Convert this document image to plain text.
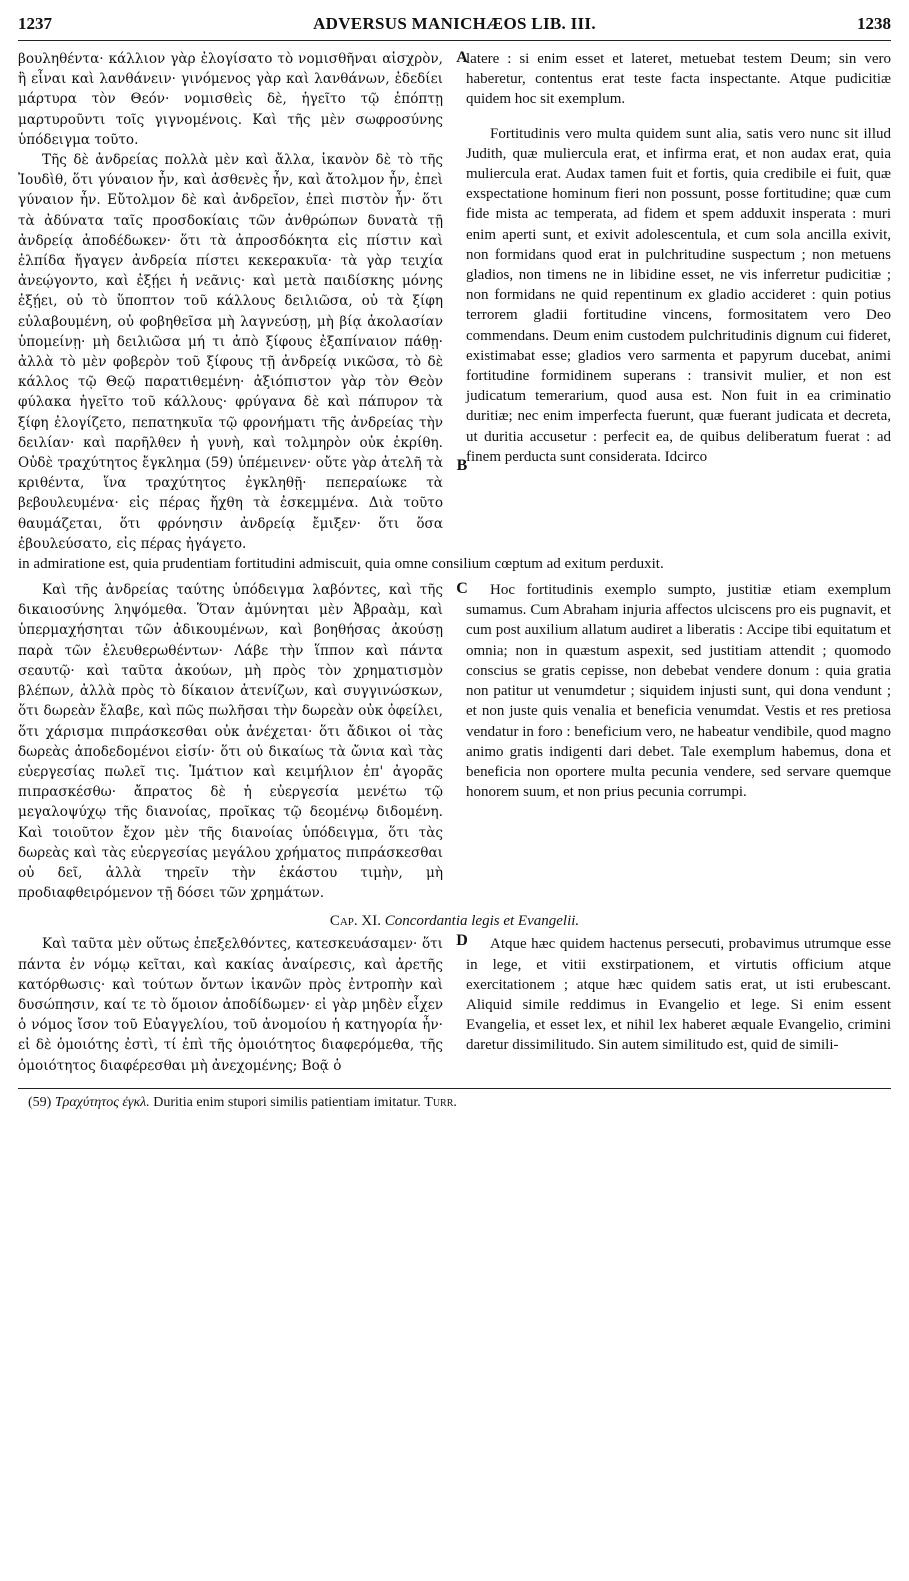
1237	ADVERSUS MANICHÆOS LIB. III.	1238
A
B

βουληθέντα· κάλλιον γὰρ ἐλογίσατο τὸ νομισθῆναι αἰσχρὸν, ἢ εἶναι καὶ λανθάνειν· γινόμενος γὰρ καὶ λανθάνων, ἐδεδίει μάρτυρα τὸν Θεόν· νομισθεὶς δὲ, ἡγεῖτο τῷ ἐπόπτῃ μαρτυροῦντι τοῖς γιγνομένοις. Καὶ τῆς μὲν σωφροσύνης ὑπόδειγμα τοῦτο.

Τῆς δὲ ἀνδρείας πολλὰ μὲν καὶ ἄλλα, ἱκανὸν δὲ τὸ τῆς Ἰουδὶθ, ὅτι γύναιον ἦν, καὶ ἀσθενὲς ἦν, καὶ ἄτολμον ἦν, ἐπεὶ γύναιον ἦν. Εὔτολμον δὲ καὶ ἀνδρεῖον, ἐπεὶ πιστὸν ἦν· ὅτι τὰ ἀδύνατα ταῖς προσδοκίαις τῶν ἀνθρώπων δυνατὰ τῇ ἀνδρείᾳ ἀποδέδωκεν· ὅτι τὰ ἀπροσδόκητα εἰς πίστιν καὶ ἐλπίδα ἤγαγεν ἀνδρεία πίστει κεκερακυῖα· τὰ γὰρ τειχία ἀνεῴγοντο, καὶ ἐξῄει ἡ νεᾶνις· καὶ μετὰ παιδίσκης μόνης ἐξῄει, οὐ τὸ ὕποπτον τοῦ κάλλους δειλιῶσα, οὐ τὰ ξίφη εὐλαβουμένη, οὐ φοβηθεῖσα μὴ λαγνεύσῃ, μὴ βίᾳ ἀκολασίαν ὑπομείνῃ· μὴ δειλιῶσα μή τι ἀπὸ ξίφους ἐξαπίναιον πάθῃ· ἀλλὰ τὸ μὲν φοβερὸν τοῦ ξίφους τῇ ἀνδρείᾳ νικῶσα, τὸ δὲ κάλλος τῷ Θεῷ παρατιθεμένη· ἀξιόπιστον γὰρ τὸν Θεὸν φύλακα ἡγεῖτο τοῦ κάλλους· φρύγανα δὲ καὶ πάπυρον τὰ ξίφη ἐλογίζετο, πεπατηκυῖα τῷ φρονήματι τῆς ἀνδρείας τὴν δειλίαν· καὶ παρῆλθεν ἡ γυνὴ, καὶ τολμηρὸν οὐκ ἐκρίθη. Οὐδὲ τραχύτητος ἔγκλημα (59) ὑπέμεινεν· οὔτε γὰρ ἀτελῆ τὰ κριθέντα, ἵνα τραχύτητος ἐγκληθῇ· πεπεραίωκε τὰ βεβουλευμένα· εἰς πέρας ἤχθη τὰ ἐσκεμμένα. Διὰ τοῦτο θαυμάζεται, ὅτι φρόνησιν ἀνδρείᾳ ἔμιξεν· ὅτι ὅσα ἐβουλεύσατο, εἰς πέρας ἠγάγετο.

latere : si enim esset et lateret, metuebat testem Deum; sin vero haberetur, contentus erat teste facta inspectante. Atque pudicitiæ quidem hoc sit exemplum.

Fortitudinis vero multa quidem sunt alia, satis vero nunc sit illud Judith, quæ muliercula erat, et infirma erat, et non audax erat, quia muliercula erat. Audax tamen fuit et fortis, quia credibile ei fuit, quæ exspectatione hominum fieri non possunt, posse fortitudine; quæ cum fide mista ac temperata, ad fidem et spem adduxit insperata : muri enim aperti sunt, et exivit adolescentula, et cum sola ancilla exivit, non formidans quod erat in pulchritudine suspectum ; non metuens gladios, non timens ne in libidine esset, ne vis inferretur pudicitiæ ; non formidans ne quid repentinum ex gladio accideret : quin potius terrorem gladii fortitudine vincens, formositatem vero Deo commendans. Deum enim custodem pulchritudinis dignum cui fideret, existimabat esse; gladios vero sarmenta et papyrum ducebat, animi fortitudine formidinem superans : transivit mulier, et non est judicatum temerarium, quod ausa est. Non fuit in ea criminatio duritiæ; nec enim imperfecta fuerunt, quæ fuerant judicata et decreta, ut duritia accusetur : perfecit ea, de quibus deliberatum fuerat : ad finem perducta sunt considerata. Idcirco

in admiratione est, quia prudentiam fortitudini admiscuit, quia omne consilium cœptum ad exitum perduxit.

C
D

Καὶ τῆς ἀνδρείας ταύτης ὑπόδειγμα λαβόντες, καὶ τῆς δικαιοσύνης ληψόμεθα. Ὅταν ἀμύνηται μὲν Ἀβραὰμ, καὶ ὑπερμαχήσηται τῶν ἀδικουμένων, καὶ βοηθήσας ἀκούσῃ παρὰ τῶν ἐλευθερωθέντων· Λάβε τὴν ἵππον καὶ πάντα σεαυτῷ· καὶ ταῦτα ἀκούων, μὴ πρὸς τὸν χρηματισμὸν βλέπων, ἀλλὰ πρὸς τὸ δίκαιον ἀτενίζων, καὶ συγγινώσκων, ὅτι δωρεὰν ἔλαβε, καὶ πῶς πωλῆσαι τὴν δωρεὰν οὐκ ὀφείλει, ὅτι χάρισμα πιπράσκεσθαι οὐκ ἀνέχεται· ὅτι ἄδικοι οἱ τὰς δωρεὰς ἀποδεδομένοι εἰσίν· ὅτι οὐ δικαίως τὰ ὤνια καὶ τὰς εὐεργεσίας πωλεῖ τις. Ἱμάτιον καὶ κειμήλιον ἐπ' ἀγορᾶς πιπρασκέσθω· ἄπρατος δὲ ἡ εὐεργεσία μενέτω τῷ μεγαλοψύχῳ τῆς διανοίας, προῖκας τῷ δεομένῳ διδομένη. Καὶ τοιοῦτον ἔχον μὲν τῆς διανοίας ὑπόδειγμα, ὅτι τὰς δωρεὰς καὶ τὰς εὐεργεσίας μεγάλου χρήματος πιπράσκεσθαι οὐ δεῖ, ἀλλὰ τηρεῖν τὴν ἑκάστου τιμὴν, μὴ προδιαφθειρόμενον τῇ δόσει τῶν χρημάτων.

Hoc fortitudinis exemplo sumpto, justitiæ etiam exemplum sumamus. Cum Abraham injuria affectos ulciscens pro eis pugnavit, et cum post auxilium allatum audiret a liberatis : Accipe tibi equitatum et omnia; non in quæstum aspexit, sed justitiam attendit ; quomodo conscius se gratis cepisse, non debebat vendere donum : quia gratia non patitur ut venumdetur ; siquidem injusti sunt, qui dona vendunt ; et non juste quis venalia et beneficia venumdat. Vestis et res pretiosa vendatur in foro : beneficium vero, ne habeatur vendibile, quod magno animo gratis indigenti dari debet. Tale exemplum habemus, dona et beneficia non oportere multa pecunia vendere, sed servare quemque honorem suum, et non prius pecunia corrumpi.

Cap. XI. Concordantia legis et Evangelii.

Καὶ ταῦτα μὲν οὕτως ἐπεξελθόντες, κατεσκευάσαμεν· ὅτι πάντα ἐν νόμῳ κεῖται, καὶ κακίας ἀναίρεσις, καὶ ἀρετῆς κατόρθωσις· καὶ τούτων ὄντων ἱκανῶν πρὸς ἐντροπὴν καὶ δυσώπησιν, καί τε τὸ ὅμοιον ἀποδίδωμεν· εἰ γὰρ μηδὲν εἶχεν ὁ νόμος ἴσον τοῦ Εὐαγγελίου, τοῦ ἀνομοίου ἡ κατηγορία ἦν· εἰ δὲ ὁμοιότης ἐστὶ, τί ἐπὶ τῆς ὁμοιότητος διαφερόμεθα, τῆς ὁμοιότητος διαφέρεσθαι μὴ ἀνεχομένης; Βοᾷ ὁ

Atque hæc quidem hactenus persecuti, probavimus utrumque esse in lege, et vitii exstirpationem, et virtutis officium atque exercitationem ; atque hæc quidem satis erat, ut isti erubescant. Aliquid simile reddimus in Evangelio et lege. Si enim essent Evangelia, et esset lex, et nihil lex haberet æquale Evangelio, crimini daretur dissimilitudo. Sin autem similitudo est, quid de simili-

(59) Τραχύτητος ἐγκλ. Duritia enim stupori similis patientiam imitatur. Turr.
